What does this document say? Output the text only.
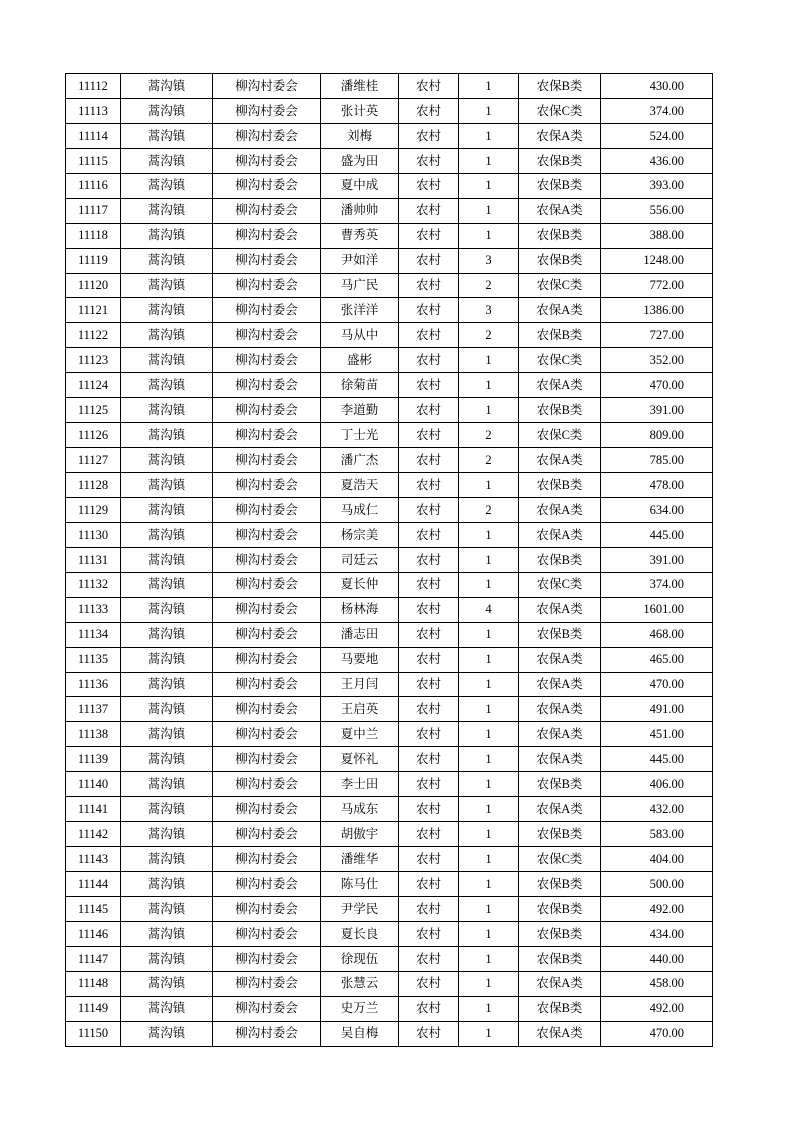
11112	蒿沟镇	柳沟村委会	潘维桂	农村	1	农保B类	430.00
11113	蒿沟镇	柳沟村委会	张计英	农村	1	农保C类	374.00
11114	蒿沟镇	柳沟村委会	刘梅	农村	1	农保A类	524.00
11115	蒿沟镇	柳沟村委会	盛为田	农村	1	农保B类	436.00
11116	蒿沟镇	柳沟村委会	夏中成	农村	1	农保B类	393.00
11117	蒿沟镇	柳沟村委会	潘帅帅	农村	1	农保A类	556.00
11118	蒿沟镇	柳沟村委会	曹秀英	农村	1	农保B类	388.00
11119	蒿沟镇	柳沟村委会	尹如洋	农村	3	农保B类	1248.00
11120	蒿沟镇	柳沟村委会	马广民	农村	2	农保C类	772.00
11121	蒿沟镇	柳沟村委会	张洋洋	农村	3	农保A类	1386.00
11122	蒿沟镇	柳沟村委会	马从中	农村	2	农保B类	727.00
11123	蒿沟镇	柳沟村委会	盛彬	农村	1	农保C类	352.00
11124	蒿沟镇	柳沟村委会	徐菊苗	农村	1	农保A类	470.00
11125	蒿沟镇	柳沟村委会	李道勤	农村	1	农保B类	391.00
11126	蒿沟镇	柳沟村委会	丁士光	农村	2	农保C类	809.00
11127	蒿沟镇	柳沟村委会	潘广杰	农村	2	农保A类	785.00
11128	蒿沟镇	柳沟村委会	夏浩天	农村	1	农保B类	478.00
11129	蒿沟镇	柳沟村委会	马成仁	农村	2	农保A类	634.00
11130	蒿沟镇	柳沟村委会	杨宗美	农村	1	农保A类	445.00
11131	蒿沟镇	柳沟村委会	司廷云	农村	1	农保B类	391.00
11132	蒿沟镇	柳沟村委会	夏长仲	农村	1	农保C类	374.00
11133	蒿沟镇	柳沟村委会	杨林海	农村	4	农保A类	1601.00
11134	蒿沟镇	柳沟村委会	潘志田	农村	1	农保B类	468.00
11135	蒿沟镇	柳沟村委会	马要地	农村	1	农保A类	465.00
11136	蒿沟镇	柳沟村委会	王月闫	农村	1	农保A类	470.00
11137	蒿沟镇	柳沟村委会	王启英	农村	1	农保A类	491.00
11138	蒿沟镇	柳沟村委会	夏中兰	农村	1	农保A类	451.00
11139	蒿沟镇	柳沟村委会	夏怀礼	农村	1	农保A类	445.00
11140	蒿沟镇	柳沟村委会	李士田	农村	1	农保B类	406.00
11141	蒿沟镇	柳沟村委会	马成东	农村	1	农保A类	432.00
11142	蒿沟镇	柳沟村委会	胡傲宇	农村	1	农保B类	583.00
11143	蒿沟镇	柳沟村委会	潘维华	农村	1	农保C类	404.00
11144	蒿沟镇	柳沟村委会	陈马仕	农村	1	农保B类	500.00
11145	蒿沟镇	柳沟村委会	尹学民	农村	1	农保B类	492.00
11146	蒿沟镇	柳沟村委会	夏长良	农村	1	农保B类	434.00
11147	蒿沟镇	柳沟村委会	徐现伍	农村	1	农保B类	440.00
11148	蒿沟镇	柳沟村委会	张慧云	农村	1	农保A类	458.00
11149	蒿沟镇	柳沟村委会	史万兰	农村	1	农保B类	492.00
11150	蒿沟镇	柳沟村委会	吴自梅	农村	1	农保A类	470.00
